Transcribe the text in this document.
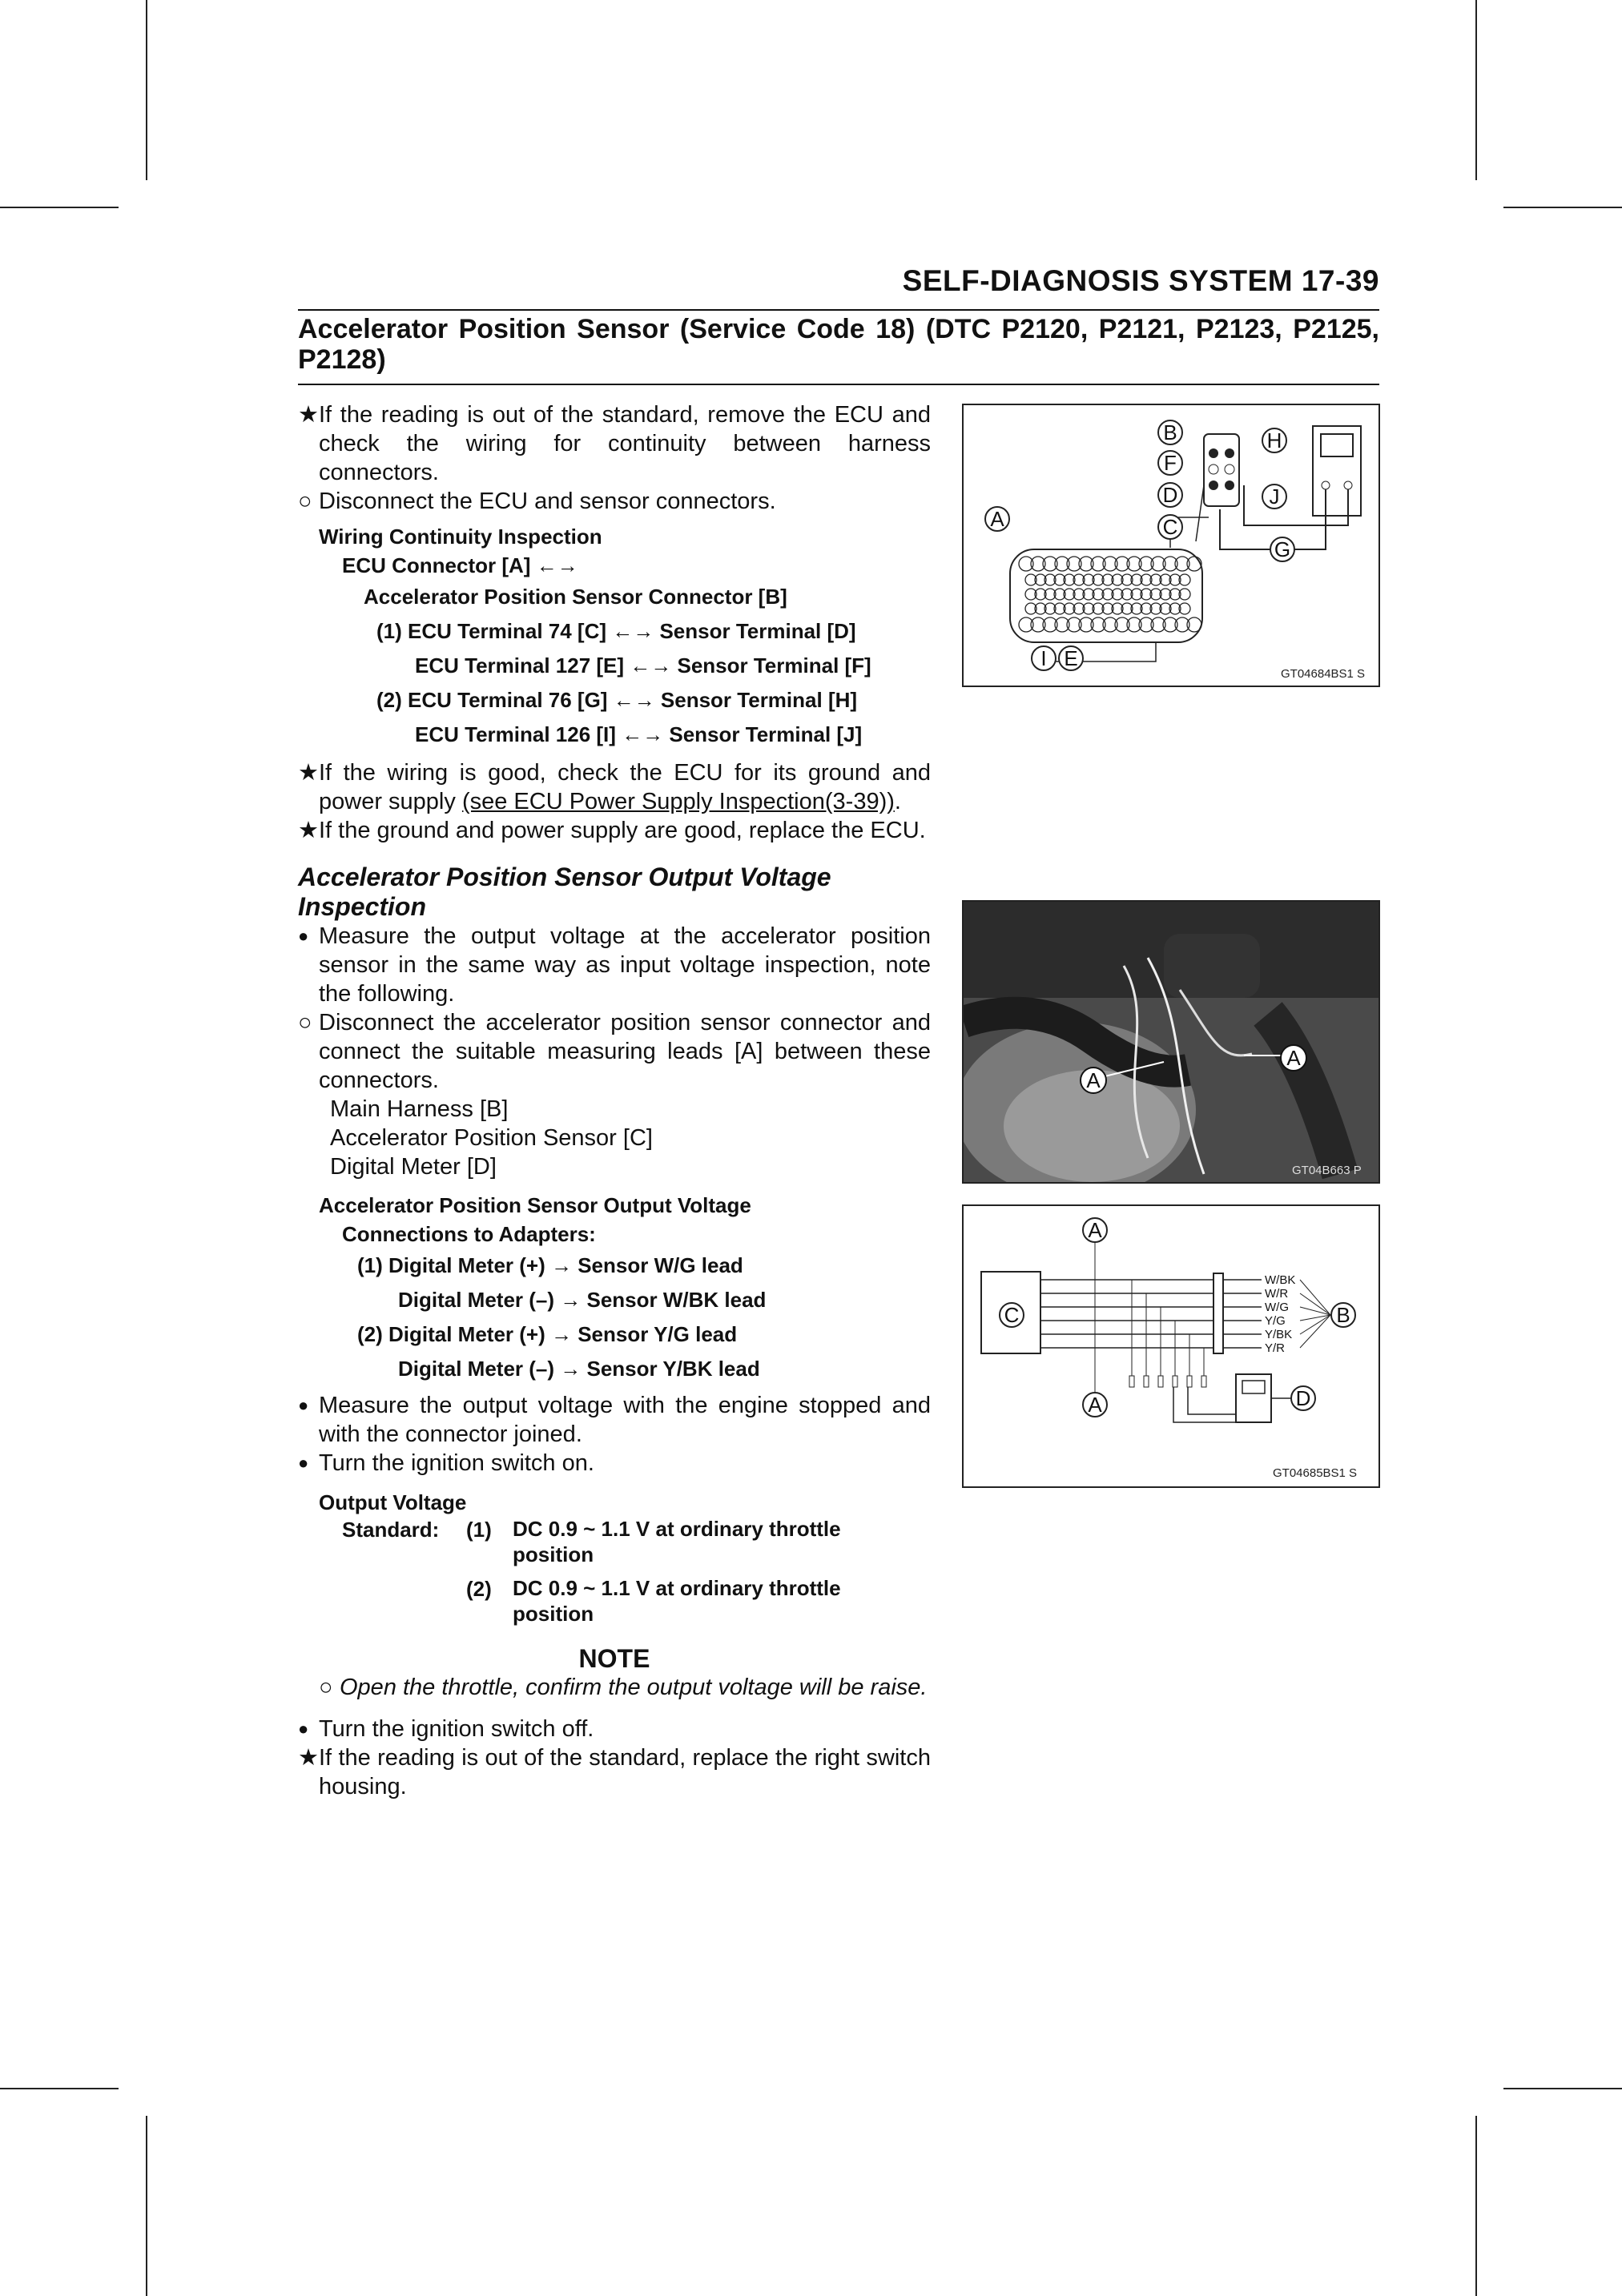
SELF-DIAGNOSIS SYSTEM 17-39
Accelerator Position Sensor (Service Code 18) (DTC P2120, P2121, P2123, P2125, P2128)

★ If the reading is out of the standard, remove the ECU and check the wiring for continuity between harness connectors.

○ Disconnect the ECU and sensor connectors.

Wiring Continuity Inspection
ECU Connector [A] ←→
Accelerator Position Sensor Connector [B]
(1) ECU Terminal 74 [C] ←→ Sensor Terminal [D]
ECU Terminal 127 [E] ←→ Sensor Terminal [F]
(2) ECU Terminal 76 [G] ←→ Sensor Terminal [H]
ECU Terminal 126 [I] ←→ Sensor Terminal [J]

★ If the wiring is good, check the ECU for its ground and power supply (see ECU Power Supply Inspection(3-39)).

★ If the ground and power supply are good, replace the ECU.

Accelerator Position Sensor Output Voltage Inspection

● Measure the output voltage at the accelerator position sensor in the same way as input voltage inspection, note the following.

○ Disconnect the accelerator position sensor connector and connect the suitable measuring leads [A] between these connectors.

Main Harness [B]
Accelerator Position Sensor [C]
Digital Meter [D]
Accelerator Position Sensor Output Voltage
Connections to Adapters:
(1) Digital Meter (+) → Sensor W/G lead
Digital Meter (–) → Sensor W/BK lead
(2) Digital Meter (+) → Sensor Y/G lead
Digital Meter (–) → Sensor Y/BK lead

● Measure the output voltage with the engine stopped and with the connector joined.

● Turn the ignition switch on.

Output Voltage
Standard:	(1)	DC 0.9 ~ 1.1 V at ordinary throttle position
(2)	DC 0.9 ~ 1.1 V at ordinary throttle position
NOTE

○ Open the throttle, confirm the output voltage will be raise.

● Turn the ignition switch off.

★ If the reading is out of the standard, replace the right switch housing.

A
B
F
D
C
H
J
G
I E
GT04684BS1 S
A
A
GT04B663 P
W/BK
W/R
W/G
Y/G
Y/BK
Y/R
A
A
C	B
D
GT04685BS1 S
